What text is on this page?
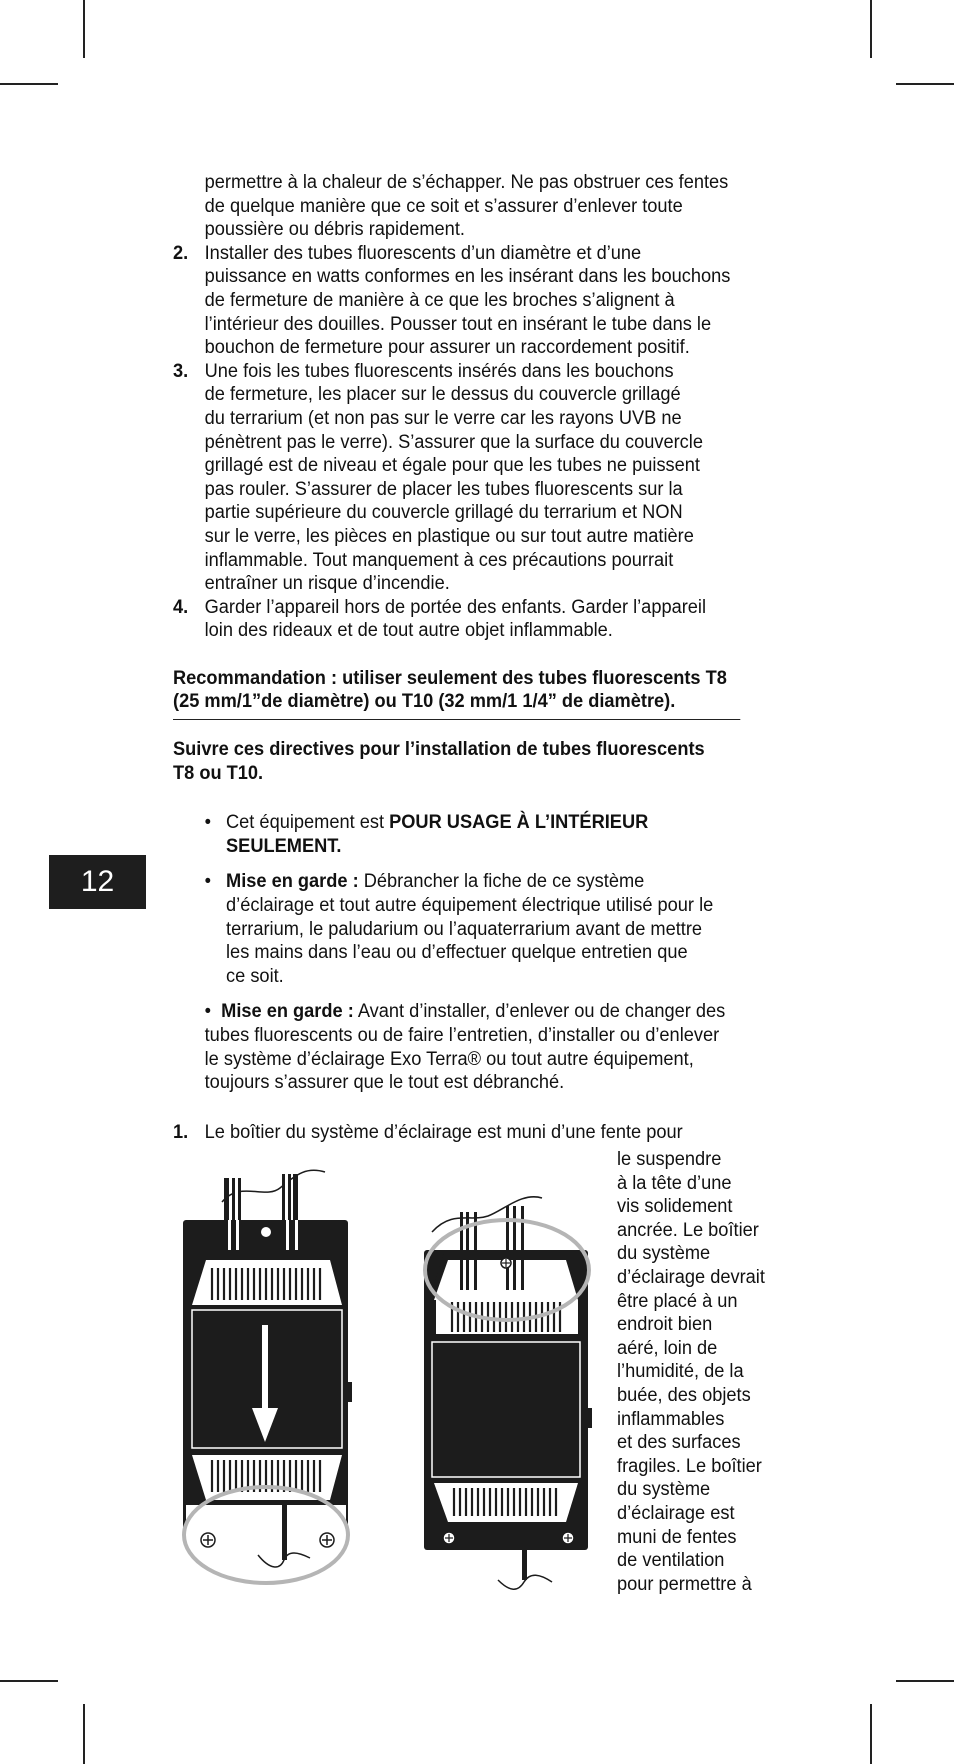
12

permettre à la chaleur de s’échapper. Ne pas obstruer ces fentes
de quelque manière que ce soit et s’assurer d’enlever toute
poussière ou débris rapidement.

2. Installer des tubes fluorescents d’un diamètre et d’une
puissance en watts conformes en les insérant dans les bouchons
de fermeture de manière à ce que les broches s’alignent à
l’intérieur des douilles. Pousser tout en insérant le tube dans le
bouchon de fermeture pour assurer un raccordement positif.
3. Une fois les tubes fluorescents insérés dans les bouchons
de fermeture, les placer sur le dessus du couvercle grillagé
du terrarium (et non pas sur le verre car les rayons UVB ne
pénètrent pas le verre). S’assurer que la surface du couvercle
grillagé est de niveau et égale pour que les tubes ne puissent
pas rouler. S’assurer de placer les tubes fluorescents sur la
partie supérieure du couvercle grillagé du terrarium et NON
sur le verre, les pièces en plastique ou sur tout autre matière
inflammable. Tout manquement à ces précautions pourrait
entraîner un risque d’incendie.
4. Garder l’appareil hors de portée des enfants. Garder l’appareil
loin des rideaux et de tout autre objet inflammable.

Recommandation : utiliser seulement des tubes fluorescents T8
(25 mm/1”de diamètre) ou T10 (32 mm/1 1/4” de diamètre).

Suivre ces directives pour l’installation de tubes fluorescents
T8 ou T10.

• Cet équipement est POUR USAGE À L’INTÉRIEUR
SEULEMENT.
• Mise en garde : Débrancher la fiche de ce système
d’éclairage et tout autre équipement électrique utilisé pour le
terrarium, le paludarium ou l’aquaterrarium avant de mettre
les mains dans l’eau ou d’effectuer quelque entretien que
ce soit.

• Mise en garde : Avant d’installer, d’enlever ou de changer des
tubes fluorescents ou de faire l’entretien, d’installer ou d’enlever
le système d’éclairage Exo Terra® ou tout autre équipement,
toujours s’assurer que le tout est débranché.

1. Le boîtier du système d’éclairage est muni d’une fente pour
le suspendre
à la tête d’une
vis solidement
ancrée. Le boîtier
du système
d’éclairage devrait
être placé à un
endroit bien
aéré, loin de
l’humidité, de la
buée, des objets
inflammables
et des surfaces
fragiles. Le boîtier
du système
d’éclairage est
muni de fentes
de ventilation
pour permettre à
